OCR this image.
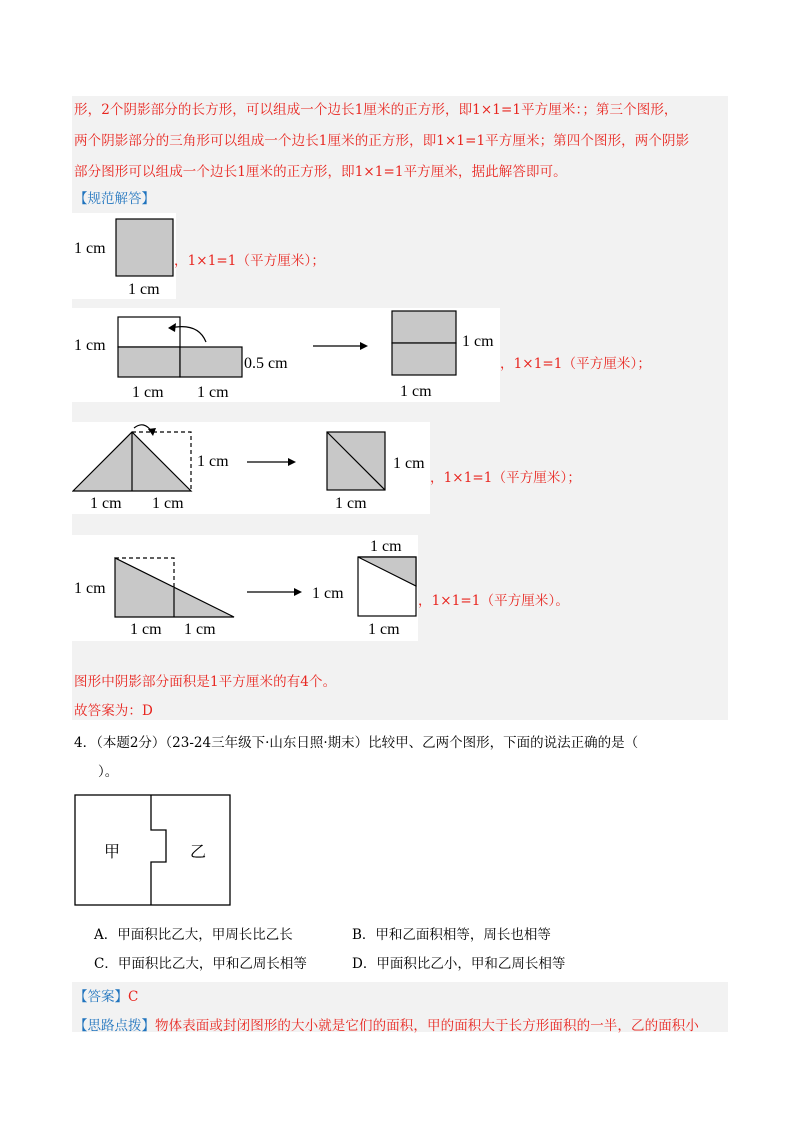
形，2个阴影部分的长方形，可以组成一个边长1厘米的正方形，即1×1=1平方厘米：；第三个图形，
两个阴影部分的三角形可以组成一个边长1厘米的正方形，即1×1=1平方厘米；第四个图形，两个阴影
部分图形可以组成一个边长1厘米的正方形，即1×1=1平方厘米，据此解答即可。
【规范解答】
1 cm
1 cm
，1×1=1（平方厘米）；
1 cm
0.5 cm
1 cm 1 cm
1 cm
1 cm
，1×1=1（平方厘米）；
1 cm
1 cm 1 cm
1 cm
1 cm
，1×1=1（平方厘米）；
1 cm
1 cm 1 cm
1 cm
1 cm
1 cm
，1×1=1（平方厘米）。
图形中阴影部分面积是1平方厘米的有4个。
故答案为：D
4．（本题2分）（23-24三年级下·山东日照·期末）比较甲、乙两个图形，下面的说法正确的是（
）。
甲	乙
A．甲面积比乙大，甲周长比乙长	B．甲和乙面积相等，周长也相等
C．甲面积比乙大，甲和乙周长相等	D．甲面积比乙小，甲和乙周长相等
【答案】C
【思路点拨】物体表面或封闭图形的大小就是它们的面积，甲的面积大于长方形面积的一半，乙的面积小
